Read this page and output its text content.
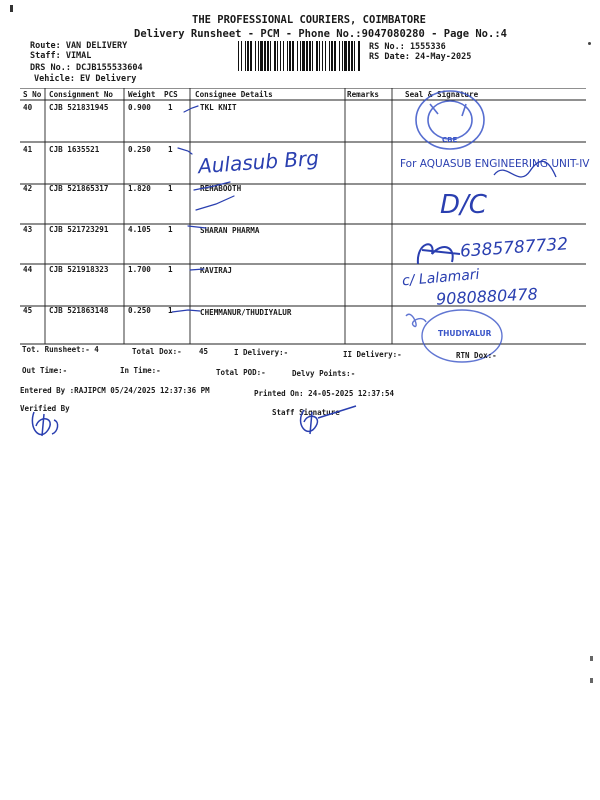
THE PROFESSIONAL COURIERS, COIMBATORE
Delivery Runsheet - PCM - Phone No.:9047080280 - Page No.:4
Route: VAN DELIVERY
Staff: VIMAL
DRS No.: DCJB155533604
Vehicle: EV Delivery
RS No.: 1555336
RS Date: 24-May-2025
S No Consignment No Weight PCS Consignee Details	Remarks	Seal & Signature
40 CJB 521831945	0.900 1	TKL KNIT
41 CJB 1635521	0.250 1
42 CJB 521865317	1.820 1	REHABOOTH
43 CJB 521723291	4.105 1	SHARAN PHARMA
44 CJB 521918323	1.700 1	KAVIRAJ
45 CJB 521863148	0.250 1	CHEMMANUR/THUDIYALUR
CBE
Aulasub Brg	For AQUASUB ENGINEERING UNIT-IV
D/C
6385787732
c/ Lalamari
9080880478
THUDIYALUR
Tot. Runsheet:- 4	Total Dox:- 45	I Delivery:-	II Delivery:-	RTN Dox:-
Out Time:-	In Time:-	Total POD:-	Delvy Points:-
Entered By :RAJIPCM 05/24/2025 12:37:36 PM	Printed On: 24-05-2025 12:37:54
Verified By	Staff Signature
